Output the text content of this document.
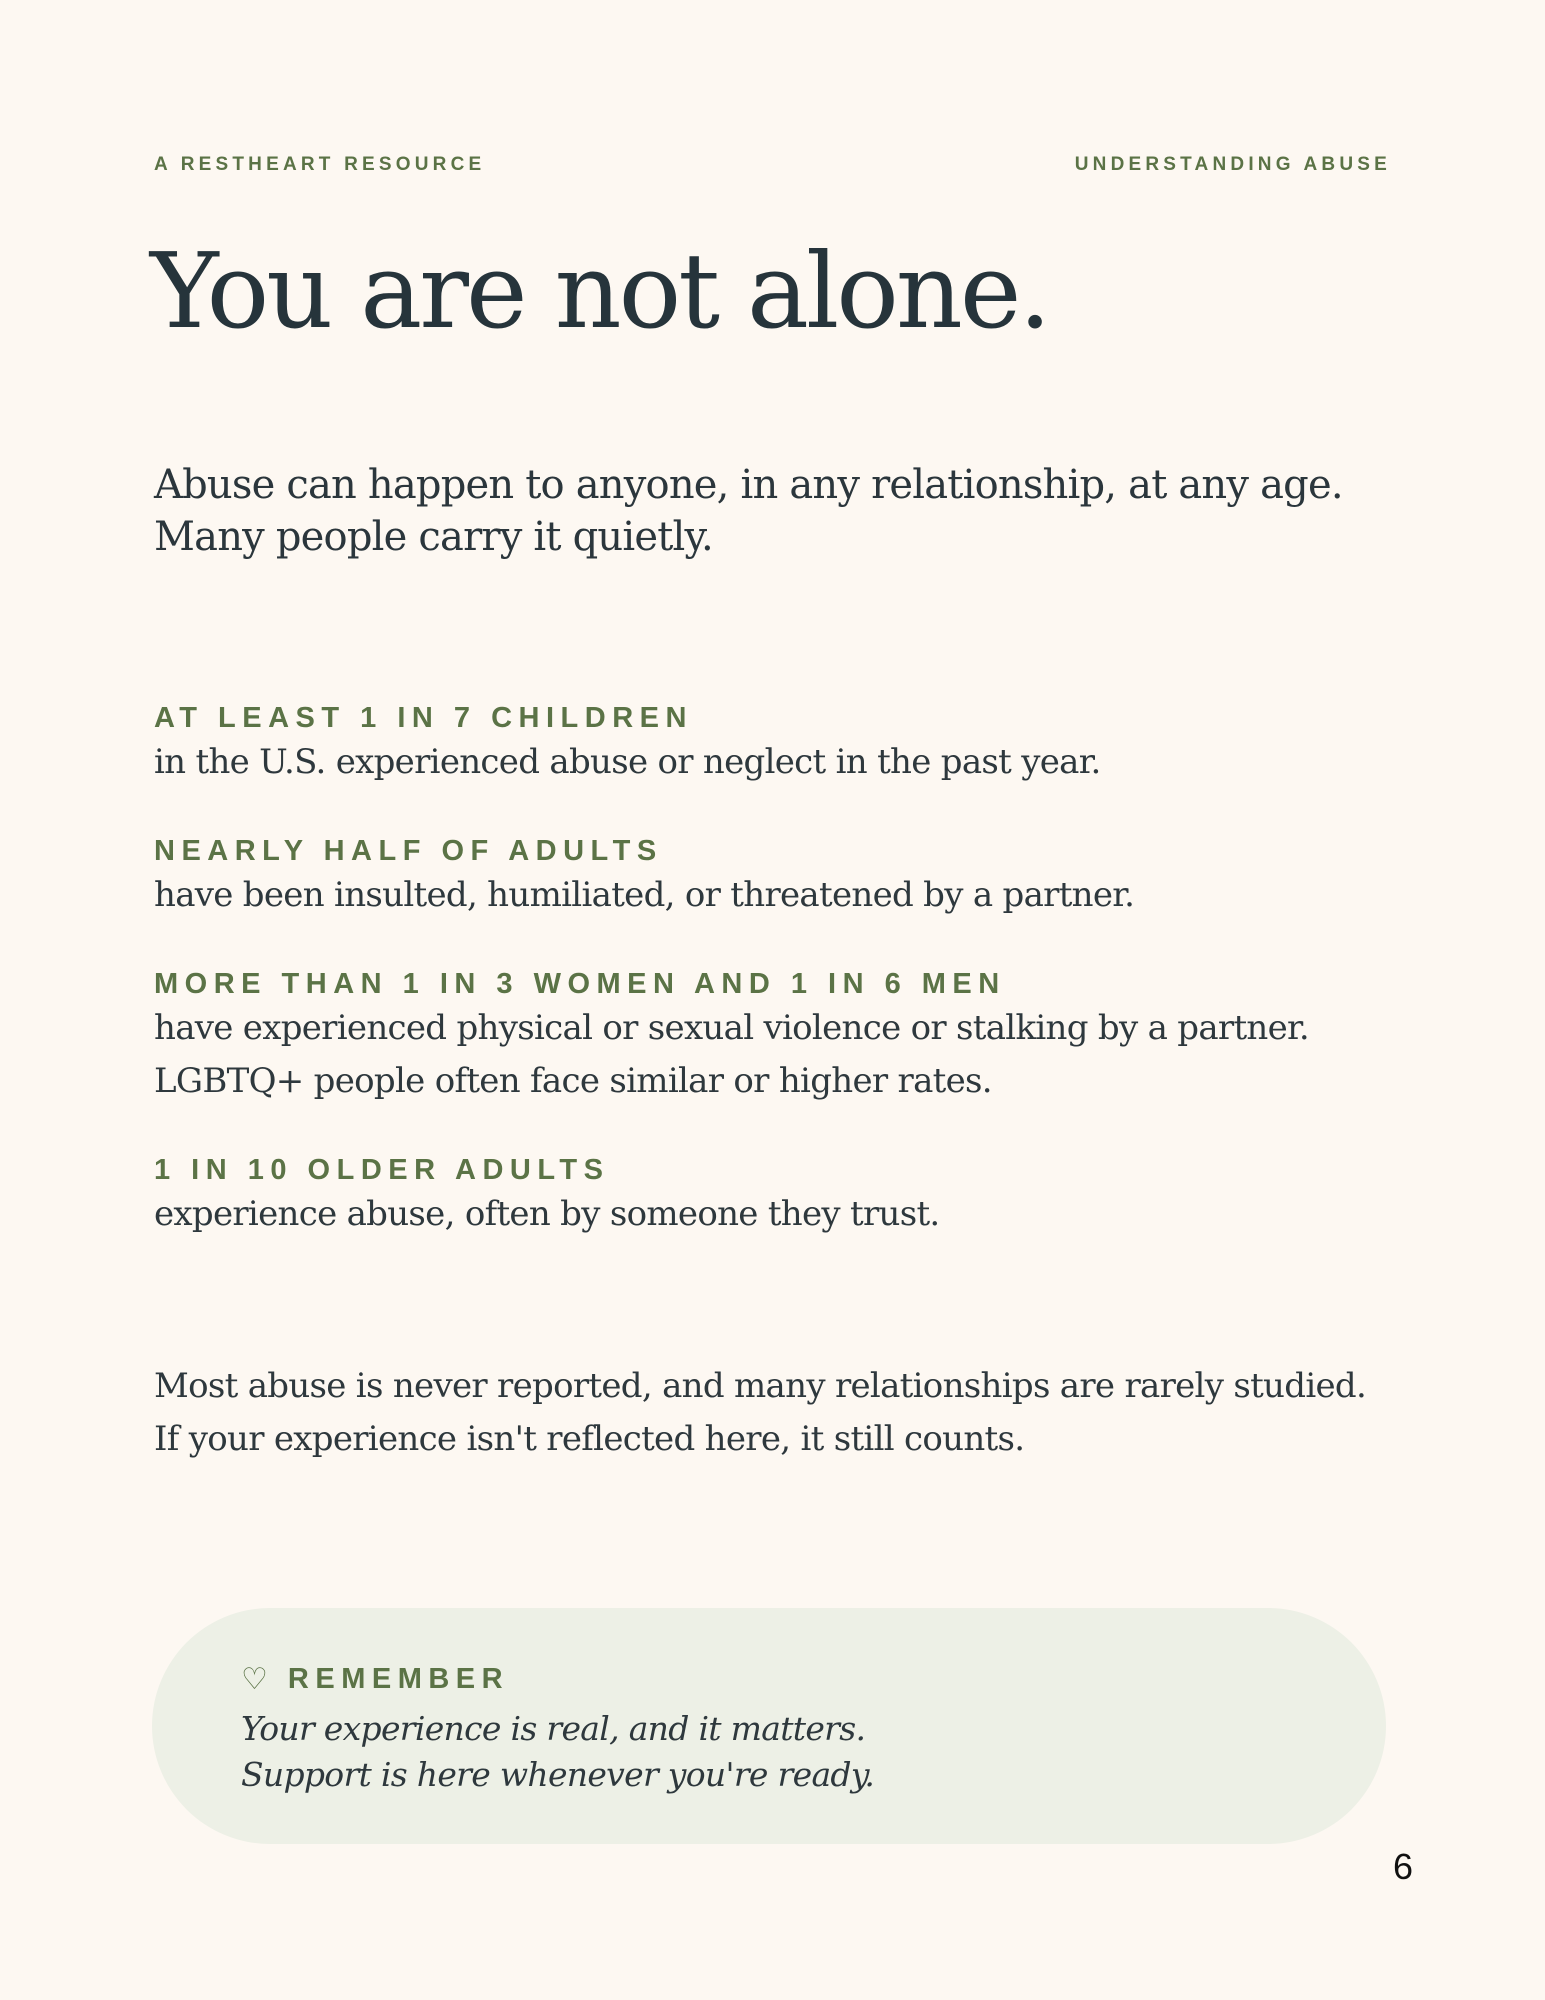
A RESTHEART RESOURCE	UNDERSTANDING ABUSE
You are not alone.

Abuse can happen to anyone, in any relationship, at any age.
Many people carry it quietly.

AT LEAST 1 IN 7 CHILDREN
in the U.S. experienced abuse or neglect in the past year.
NEARLY HALF OF ADULTS
have been insulted, humiliated, or threatened by a partner.
MORE THAN 1 IN 3 WOMEN AND 1 IN 6 MEN
have experienced physical or sexual violence or stalking by a partner.
LGBTQ+ people often face similar or higher rates.
1 IN 10 OLDER ADULTS
experience abuse, often by someone they trust.
Most abuse is never reported, and many relationships are rarely studied.
If your experience isn't reflected here, it still counts.
♡ REMEMBER
Your experience is real, and it matters.
Support is here whenever you're ready.
6
